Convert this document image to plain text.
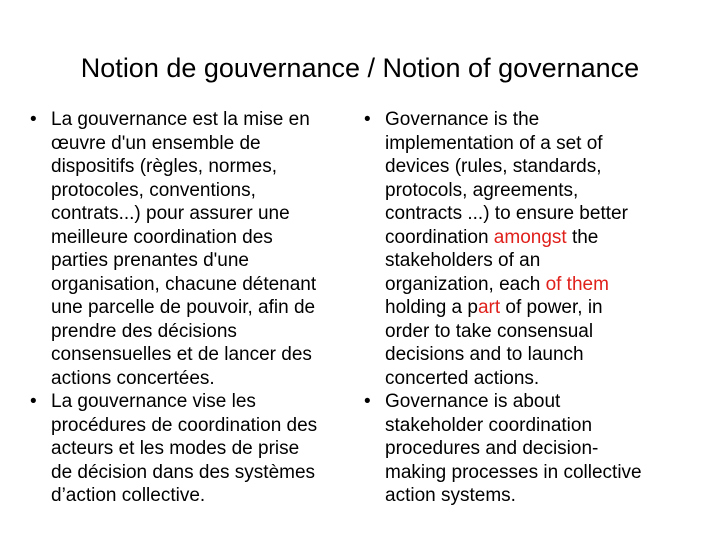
Notion de gouvernance / Notion of governance
• La gouvernance est la mise en
œuvre d'un ensemble de
dispositifs (règles, normes,
protocoles, conventions,
contrats...) pour assurer une
meilleure coordination des
parties prenantes d'une
organisation, chacune détenant
une parcelle de pouvoir, afin de
prendre des décisions
consensuelles et de lancer des
actions concertées.
• La gouvernance vise les
procédures de coordination des
acteurs et les modes de prise
de décision dans des systèmes
d’action collective.
• Governance is the
implementation of a set of
devices (rules, standards,
protocols, agreements,
contracts ...) to ensure better
coordination amongst the
stakeholders of an
organization, each of them
holding a part of power, in
order to take consensual
decisions and to launch
concerted actions.
• Governance is about
stakeholder coordination
procedures and decision-
making processes in collective
action systems.
